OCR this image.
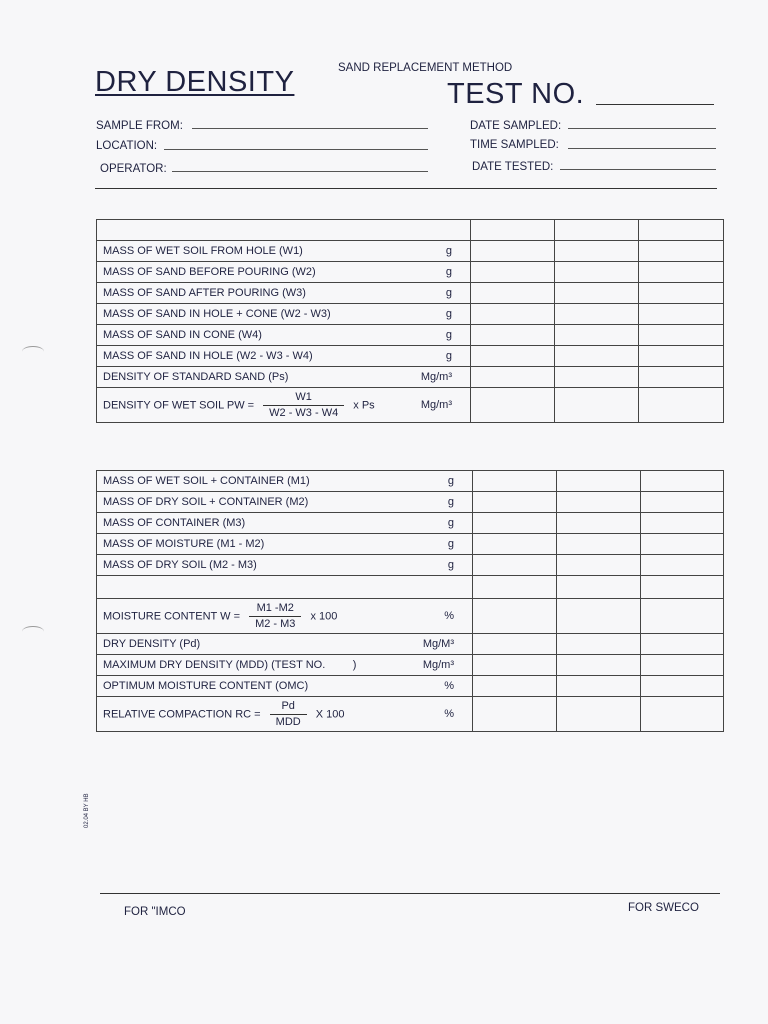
DRY DENSITY	SAND REPLACEMENT METHOD
TEST NO.
SAMPLE FROM:
LOCATION:
OPERATOR:
DATE SAMPLED:
TIME SAMPLED:
DATE TESTED:

MASS OF WET SOIL FROM HOLE (W1)	g			
MASS OF SAND BEFORE POURING (W2)	g			
MASS OF SAND AFTER POURING (W3)	g			
MASS OF SAND IN HOLE + CONE (W2 - W3)	g			
MASS OF SAND IN CONE (W4)	g			
MASS OF SAND IN HOLE (W2 - W3 - W4)	g			
DENSITY OF STANDARD SAND (Ps)	Mg/m³			
DENSITY OF WET SOIL PW = $\frac{W1}{W2 - W3 - W4}$ x Ps	Mg/m³			
MASS OF WET SOIL + CONTAINER (M1)	g			
MASS OF DRY SOIL + CONTAINER (M2)	g			
MASS OF CONTAINER (M3)	g			
MASS OF MOISTURE (M1 - M2)	g			
MASS OF DRY SOIL (M2 - M3)	g			

MOISTURE CONTENT $W = \frac{M1 -M2}{M2 - M3}$ x 100	%			
DRY DENSITY (Pd)	Mg/M³			
MAXIMUM DRY DENSITY (MDD) (TEST NO.         )	Mg/m³			
OPTIMUM MOISTURE CONTENT (OMC)	%			
RELATIVE COMPACTION RC = $\frac{Pd}{\text{MDD}}$ X 100	%			
02.04 BY HB
FOR "IMCO	FOR SWECO
